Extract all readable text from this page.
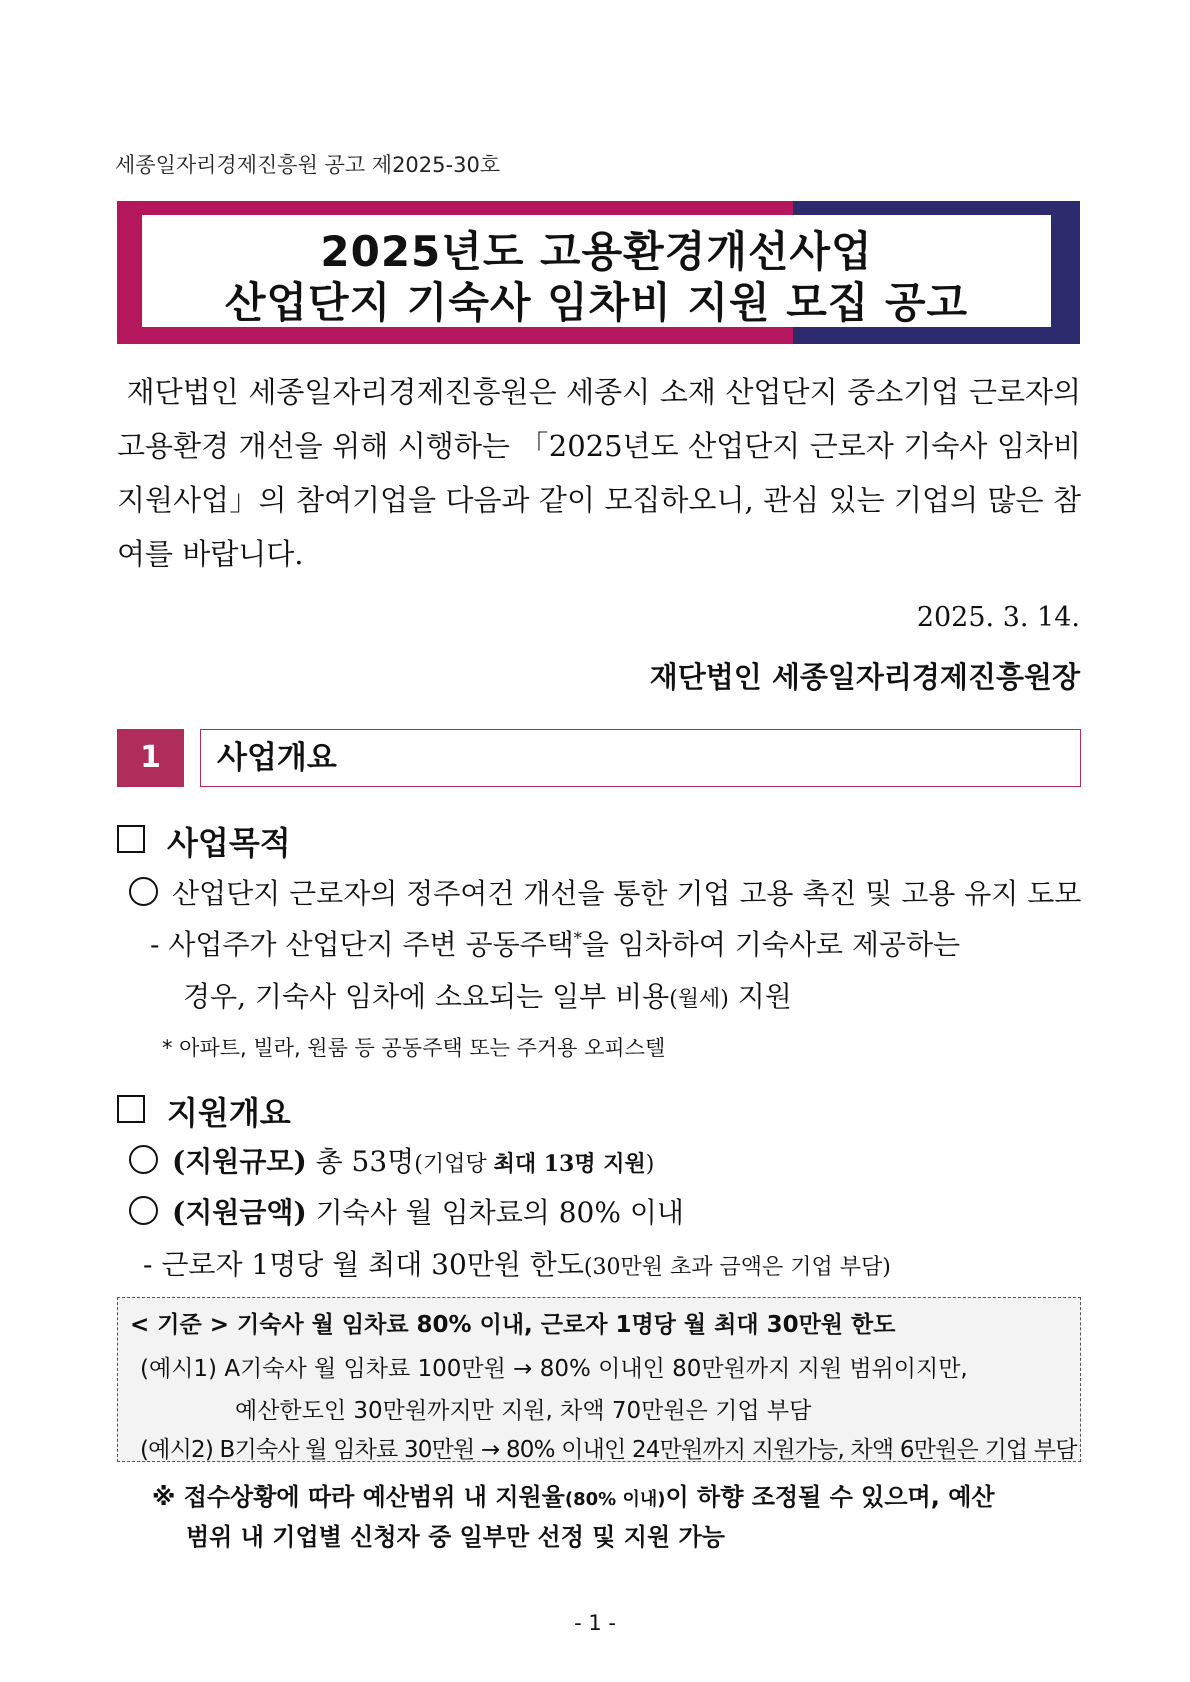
세종일자리경제진흥원 공고 제2025-30호
2025년도 고용환경개선사업
산업단지 기숙사 임차비 지원 모집 공고
재단법인 세종일자리경제진흥원은 세종시 소재 산업단지 중소기업 근로자의 고용환경 개선을 위해 시행하는 「2025년도 산업단지 근로자 기숙사 임차비 지원사업」의 참여기업을 다음과 같이 모집하오니, 관심 있는 기업의 많은 참여를 바랍니다.
2025. 3. 14.
재단법인 세종일자리경제진흥원장
1	사업개요
사업목적
산업단지 근로자의 정주여건 개선을 통한 기업 고용 촉진 및 고용 유지 도모
- 사업주가 산업단지 주변 공동주택 *을 임차하여 기숙사로 제공하는
경우, 기숙사 임차에 소요되는 일부 비용(월세) 지원
* 아파트, 빌라, 원룸 등 공동주택 또는 주거용 오피스텔
지원개요
(지원규모) 총 53명(기업당 최대 13명 지원)
(지원금액) 기숙사 월 임차료의 80% 이내
- 근로자 1명당 월 최대 30만원 한도(30만원 초과 금액은 기업 부담)
< 기준 > 기숙사 월 임차료 80% 이내, 근로자 1명당 월 최대 30만원 한도
(예시1) A기숙사 월 임차료 100만원 → 80% 이내인 80만원까지 지원 범위이지만,
예산한도인 30만원까지만 지원, 차액 70만원은 기업 부담
(예시2) B기숙사 월 임차료 30만원 → 80% 이내인 24만원까지 지원가능, 차액 6만원은 기업 부담
※ 접수상황에 따라 예산범위 내 지원율(80% 이내)이 하향 조정될 수 있으며, 예산
범위 내 기업별 신청자 중 일부만 선정 및 지원 가능
- 1 -
